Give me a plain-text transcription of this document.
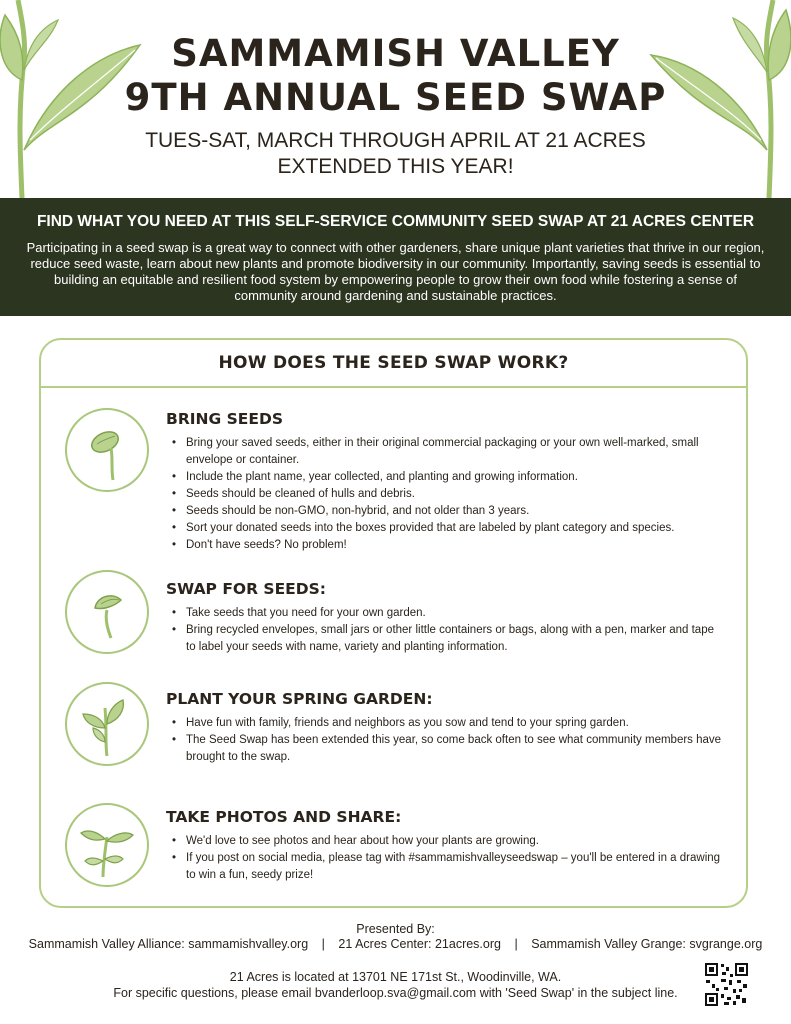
SAMMAMISH VALLEY
9TH ANNUAL SEED SWAP
TUES-SAT, MARCH THROUGH APRIL AT 21 ACRES
EXTENDED THIS YEAR!
FIND WHAT YOU NEED AT THIS SELF-SERVICE COMMUNITY SEED SWAP AT 21 ACRES CENTER
Participating in a seed swap is a great way to connect with other gardeners, share unique plant varieties that thrive in our region, reduce seed waste, learn about new plants and promote biodiversity in our community. Importantly, saving seeds is essential to building an equitable and resilient food system by empowering people to grow their own food while fostering a sense of community around gardening and sustainable practices.
HOW DOES THE SEED SWAP WORK?
BRING SEEDS
• Bring your saved seeds, either in their original commercial packaging or your own well-marked, small envelope or container.
• Include the plant name, year collected, and planting and growing information.
• Seeds should be cleaned of hulls and debris.
• Seeds should be non-GMO, non-hybrid, and not older than 3 years.
• Sort your donated seeds into the boxes provided that are labeled by plant category and species.
• Don't have seeds? No problem!
SWAP FOR SEEDS:
• Take seeds that you need for your own garden.
• Bring recycled envelopes, small jars or other little containers or bags, along with a pen, marker and tape to label your seeds with name, variety and planting information.
PLANT YOUR SPRING GARDEN:
• Have fun with family, friends and neighbors as you sow and tend to your spring garden.
• The Seed Swap has been extended this year, so come back often to see what community members have brought to the swap.
TAKE PHOTOS AND SHARE:
• We'd love to see photos and hear about how your plants are growing.
• If you post on social media, please tag with #sammamishvalleyseedswap – you'll be entered in a drawing to win a fun, seedy prize!
Presented By:
Sammamish Valley Alliance: sammamishvalley.org | 21 Acres Center: 21acres.org | Sammamish Valley Grange: svgrange.org
21 Acres is located at 13701 NE 171st St., Woodinville, WA.
For specific questions, please email bvanderloop.sva@gmail.com with 'Seed Swap' in the subject line.
